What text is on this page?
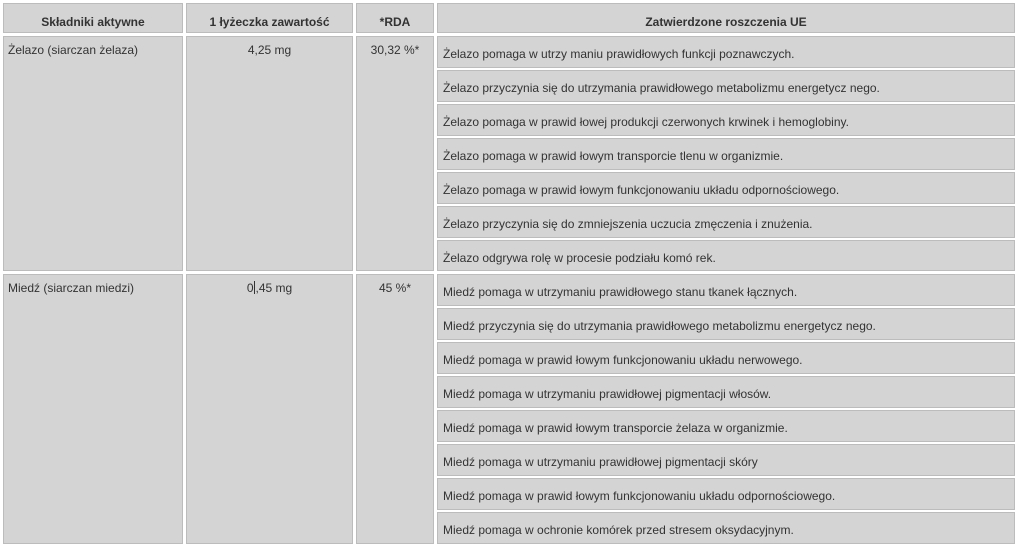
Składniki aktywne	1 łyżeczka zawartość	*RDA	Zatwierdzone roszczenia UE
Żelazo (siarczan żelaza)	4,25 mg	30,32 %*	Żelazo pomaga w utrzy maniu prawidłowych funkcji poznawczych.
Żelazo przyczynia się do utrzymania prawidłowego metabolizmu energetycz nego.
Żelazo pomaga w prawid łowej produkcji czerwonych krwinek i hemoglobiny.
Żelazo pomaga w prawid łowym transporcie tlenu w organizmie.
Żelazo pomaga w prawid łowym funkcjonowaniu układu odpornościowego.
Żelazo przyczynia się do zmniejszenia uczucia zmęczenia i znużenia.
Żelazo odgrywa rolę w procesie podziału komó rek.
Miedź (siarczan miedzi)	0 ,45 mg	45 %*	Miedź pomaga w utrzymaniu prawidłowego stanu tkanek łącznych.
Miedź przyczynia się do utrzymania prawidłowego metabolizmu energetycz nego.
Miedź pomaga w prawid łowym funkcjonowaniu układu nerwowego.
Miedź pomaga w utrzymaniu prawidłowej pigmentacji włosów.
Miedź pomaga w prawid łowym transporcie żelaza w organizmie.
Miedź pomaga w utrzymaniu prawidłowej pigmentacji skóry
Miedź pomaga w prawid łowym funkcjonowaniu układu odpornościowego.
Miedź pomaga w ochronie komórek przed stresem oksydacyjnym.
